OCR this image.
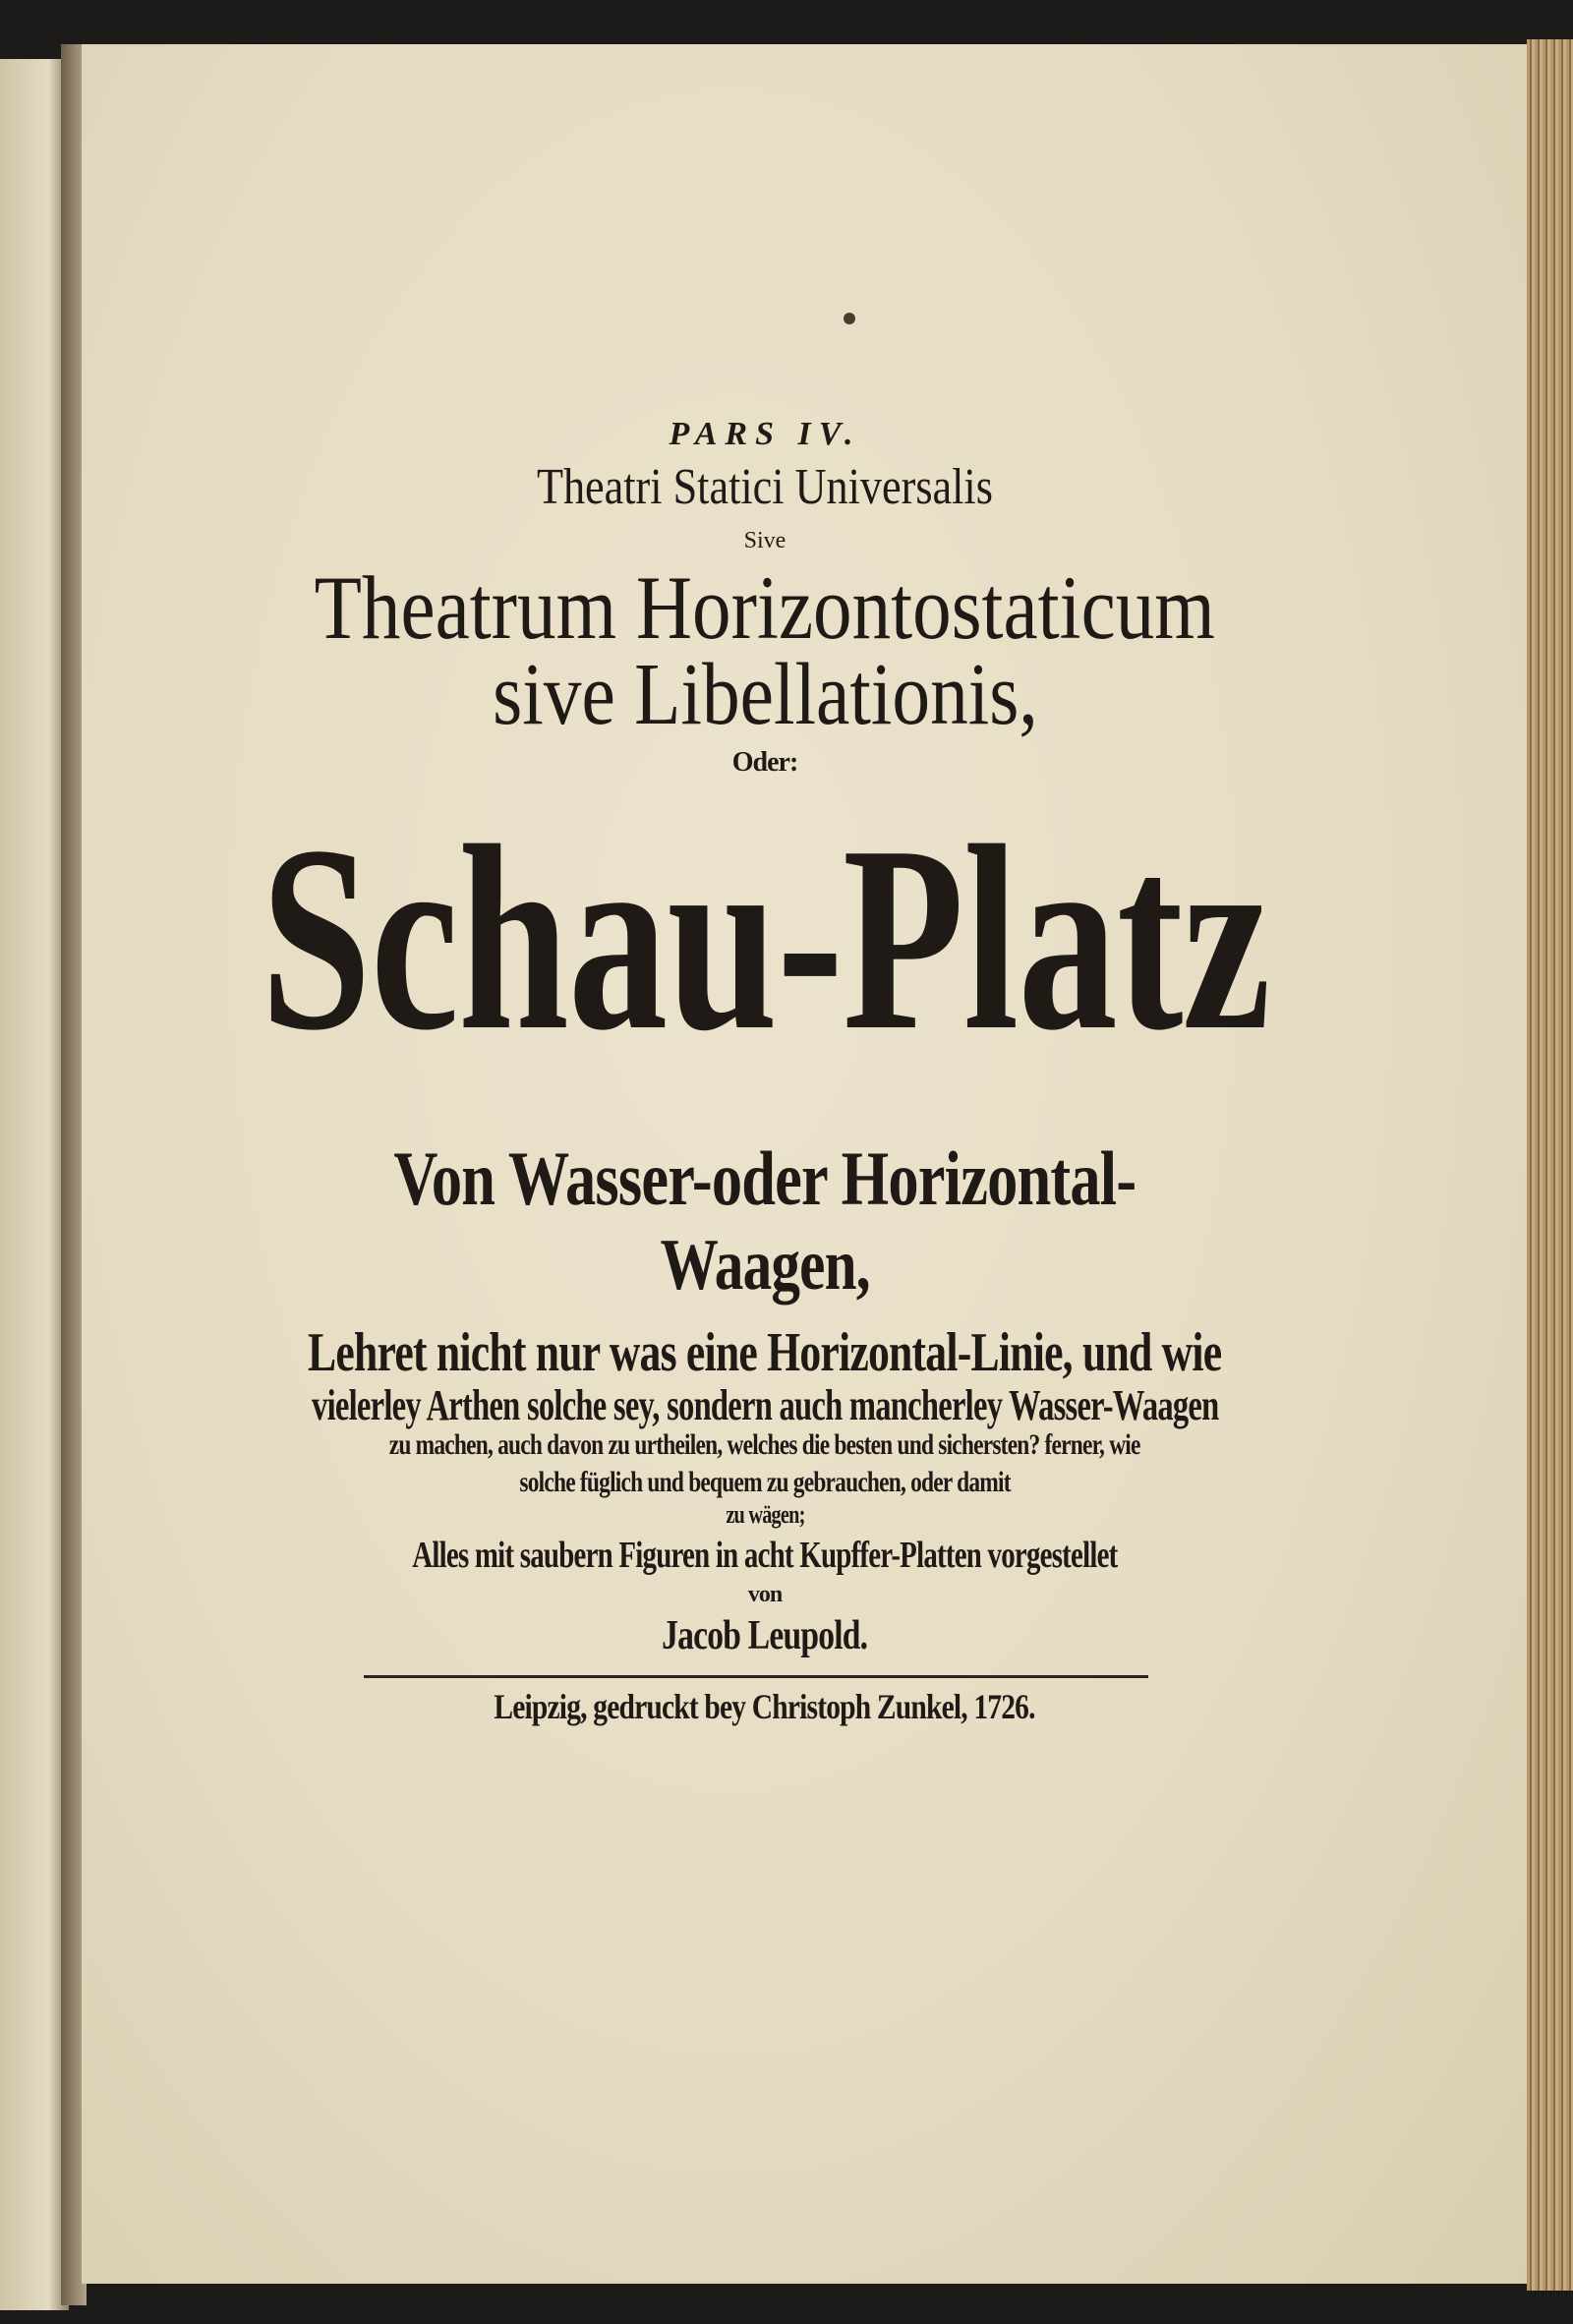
PARS IV.
Theatri Statici Universalis
Sive
Theatrum Horizontostaticum
sive Libellationis,
Oder:
Schau-Platz
Von Wasser-oder Horizontal-
Waagen,
Lehret nicht nur was eine Horizontal-Linie, und wie
vielerley Arthen solche sey, sondern auch mancherley Wasser-Waagen
zu machen, auch davon zu urtheilen, welches die besten und sichersten? ferner, wie
solche füglich und bequem zu gebrauchen, oder damit
zu wägen;
Alles mit saubern Figuren in acht Kupffer-Platten vorgestellet
von
Jacob Leupold.
Leipzig, gedruckt bey Christoph Zunkel, 1726.
